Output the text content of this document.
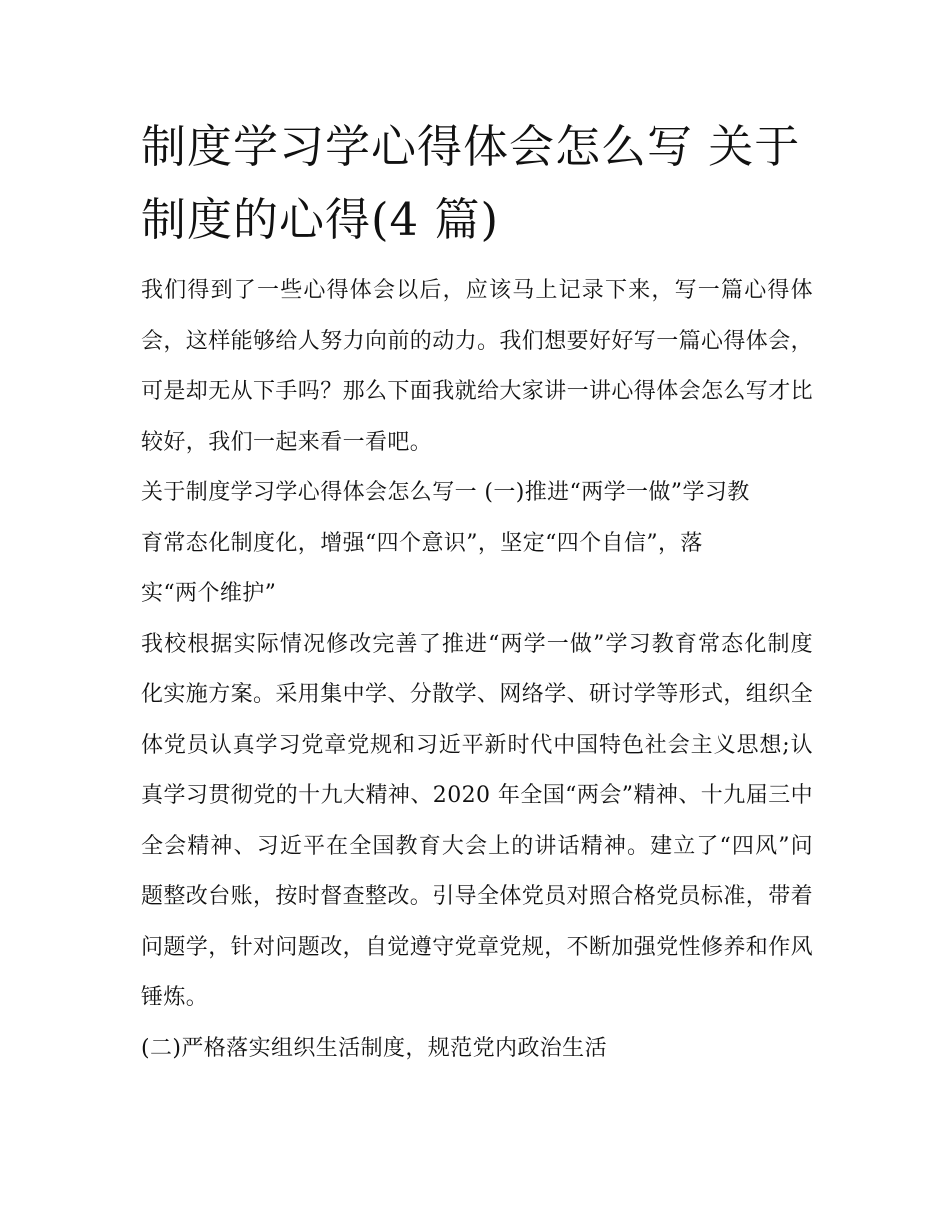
制度学习学心得体会怎么写 关于制度的心得(4 篇)

我们得到了一些心得体会以后，应该马上记录下来，写一篇心得体会，这样能够给人努力向前的动力。我们想要好好写一篇心得体会，可是却无从下手吗？那么下面我就给大家讲一讲心得体会怎么写才比较好，我们一起来看一看吧。

关于制度学习学心得体会怎么写一 (一)推进“两学一做”学习教

育常态化制度化，增强“四个意识”，坚定“四个自信”，落

实“两个维护”

我校根据实际情况修改完善了推进“两学一做”学习教育常态化制度化实施方案。采用集中学、分散学、网络学、研讨学等形式，组织全体党员认真学习党章党规和习近平新时代中国特色社会主义思想;认真学习贯彻党的十九大精神、2020 年全国“两会”精神、十九届三中全会精神、习近平在全国教育大会上的讲话精神。建立了“四风”问题整改台账，按时督查整改。引导全体党员对照合格党员标准，带着问题学，针对问题改，自觉遵守党章党规，不断加强党性修养和作风锤炼。

(二)严格落实组织生活制度，规范党内政治生活
